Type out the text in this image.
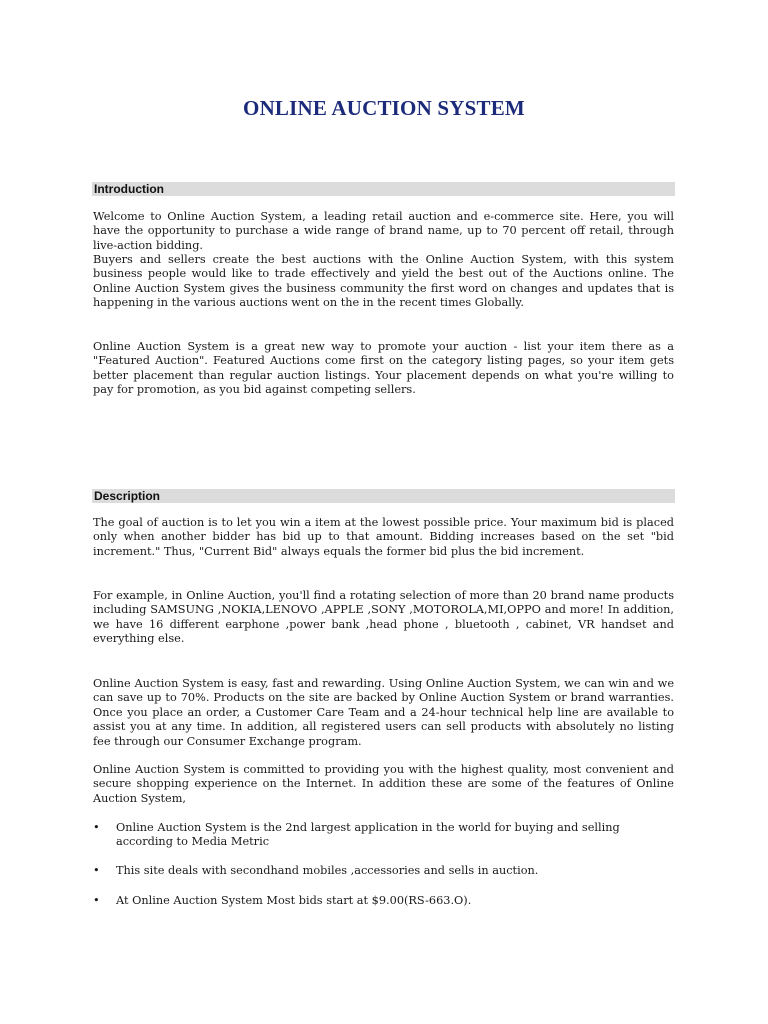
ONLINE AUCTION SYSTEM
Introduction

Welcome to Online Auction System, a leading retail auction and e-commerce site. Here, you will have the opportunity to purchase a wide range of brand name, up to 70 percent off retail, through live-action bidding.

Buyers and sellers create the best auctions with the Online Auction System, with this system business people would like to trade effectively and yield the best out of the Auctions online. The Online Auction System gives the business community the first word on changes and updates that is happening in the various auctions went on the in the recent times Globally.

Online Auction System is a great new way to promote your auction - list your item there as a "Featured Auction". Featured Auctions come first on the category listing pages, so your item gets better placement than regular auction listings. Your placement depends on what you're willing to pay for promotion, as you bid against competing sellers.

Description

The goal of auction is to let you win a item at the lowest possible price. Your maximum bid is placed only when another bidder has bid up to that amount. Bidding increases based on the set "bid increment." Thus, "Current Bid" always equals the former bid plus the bid increment.

For example, in Online Auction, you'll find a rotating selection of more than 20 brand name products including SAMSUNG ,NOKIA,LENOVO ,APPLE ,SONY ,MOTOROLA,MI,OPPO and more! In addition, we have 16 different earphone ,power bank ,head phone , bluetooth , cabinet, VR handset and everything else.

Online Auction System is easy, fast and rewarding. Using Online Auction System, we can win and we can save up to 70%. Products on the site are backed by Online Auction System or brand warranties. Once you place an order, a Customer Care Team and a 24-hour technical help line are available to assist you at any time. In addition, all registered users can sell products with absolutely no listing fee through our Consumer Exchange program.

Online Auction System is committed to providing you with the highest quality, most convenient and secure shopping experience on the Internet. In addition these are some of the features of Online Auction System,

• Online Auction System is the 2nd largest application in the world for buying and selling according to Media Metric
• This site deals with secondhand mobiles ,accessories and sells in auction.
• At Online Auction System Most bids start at $9.00(RS-663.O).
